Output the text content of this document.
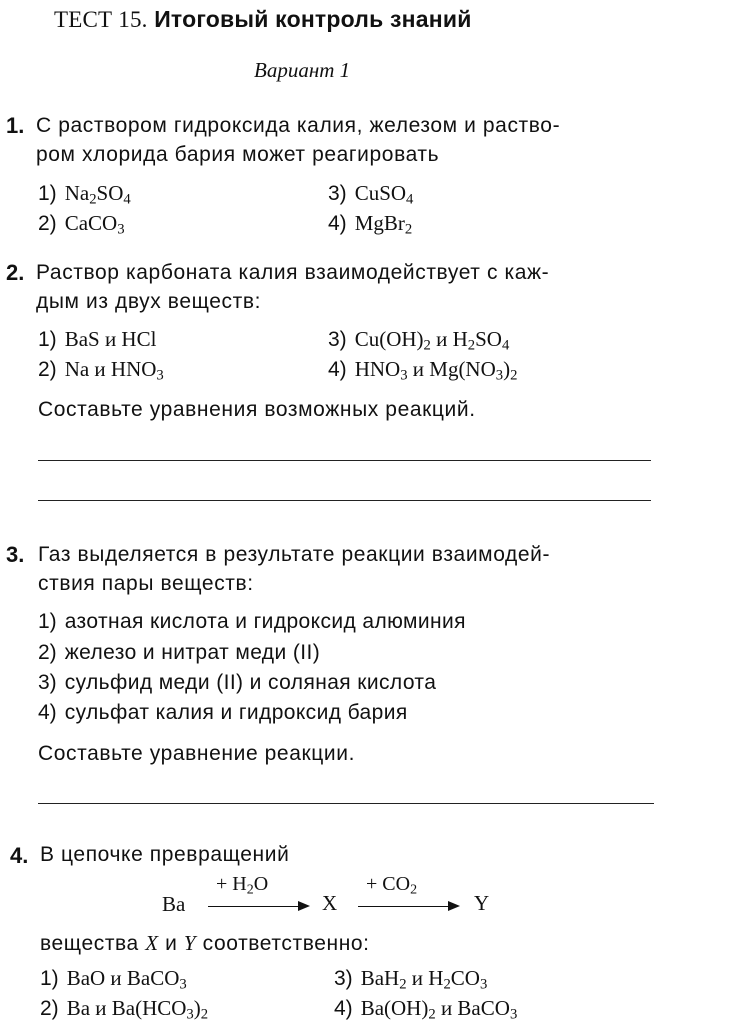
ТЕСТ 15. Итоговый контроль знаний
Вариант 1
1. С раствором гидроксида калия, железом и раство-
ром хлорида бария может реагировать
1) $Na_2SO_4$
2) CaCO$_3$
3) CuSO$_4$
4) MgBr$_2$
2. Раствор карбоната калия взаимодействует с каж-
дым из двух веществ:
1) BaS и HCl
2) Na и $HNO_3$
3) $Cu(OH)_2$ и $H_2SO_4$
4) $HNO_3$ и $Mg(NO_3)_2$
Составьте уравнения возможных реакций.
3. Газ выделяется в результате реакции взаимодей-
ствия пары веществ:
1) азотная кислота и гидроксид алюминия
2) железо и нитрат меди (II)
3) сульфид меди (II) и соляная кислота
4) сульфат калия и гидроксид бария
Составьте уравнение реакции.
4. В цепочке превращений
Ba
+ $H_2O$
X
+ $CO_2$
Y
вещества X и Y соответственно:
1) BaO и BaCO$_3$
2) Ba и $Ba(HCO_3)_2$
3) BaH$_2$ и $H_2CO_3$
4) $Ba(OH)_2$ и BaCO$_3$
